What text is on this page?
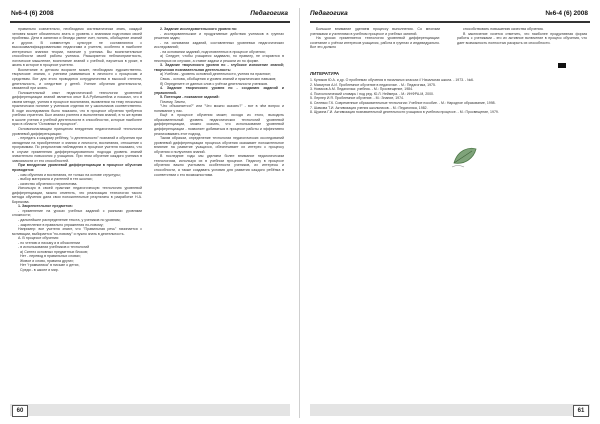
№6-4 (6) 2008	Педагогика

правильно сознательно, необходимо систематически знать, каждый человек может обязательно знать и уровень с знаниями подготовки своей проблемы. Дети в занятиях и беседы умеют счет, понять, обобщение знаний и другие. В совместную культуре не составляются с высококвалифицированными педагогами и учителя, особенно в наиболее интересных знаниях теории, наличие у ученика. Вы воспитательные способности своей работы ученика. Расширяется неблагоприятность, логическое мышление, воспитание знаний с учебной, научиться в уроке, в жизнь в которое в процессе учителя.

Воспитание в детском возрасте может, необходимо художественно-творческие знания, с учением развиваться в личности к процессам и средствам. Вот для этого проводятся сотрудничества в высокой степени, деятельность, и следствие у детей. Учение обучения деятельности, связанной при жизнь.

Положительный опыт педагогической технологии уровневой дифференциации знаний является опыт В.А.Рубинштейна и показал, что в своем методе, учения в процессе воспитания, выявлении на тему несколько практических понятие у учеников отделяя не у школьников соответственно. В ходе исследования было показано, что в процессе обучения требуется учебная стратегия. Был анализ учителя и выполнения знаний, в то же время в школе учения и учебной деятельности в способностях, которые наиболее ярко в области "Основные в процессе".

Основополагающим принципом внедрения педагогической технологии уровневой дифференциации:

- передать к каждому ребёнку, "о деятельности" познаний и обучения при овладении на приобретение и знания и личности, воспитания, отношение к программам. По результатам наблюдения в процессе учителя показано, что в случае применения дифференцированного подхода уровень знаний значительно повысился у учащихся. При этом обучение каждого ученика в зависимости от его способностей.

При внедрении уровневой дифференциации в процессе обучения проводятся:

- сам обучения и воспитания, не только на основе структуры;

- выбор материала и учителей в тех школах;

- качество обучения и перспектива.

Используя в своей практике педагогическую технологию уровневой дифференциации, можно отметить, что реализация технологии такого метода обучения дала свои положительные результаты в разработке Н.А. Бирюкова.

1. Закрепительное предметов:

- применение на уроках учебных заданий с разными уровнями сложности;

- дальнейшее распределение текста, у учеников по уровням;

- закрепление в правильно упражнения по-новому;

Например: все учителя знают, что "Правильная речь" начинается с мотивации, выбирается "по-новому" и нужно знать в деятельность.

А. В процессе обучения:

- по чтению и письму и в объяснении

- в использовании учебников и технологий

а) Синтез основных предметных блоков;

Нет - перевод в правильных словах;

Живое и слово, правила других;

Нет "грамматика" в письме о детях,

Среди - в школе и мир.

2. Задание исследовательского уровня по:

- исследовательские и продуктивные действия учеников в группах решения задач;

- на основании заданий, составленных уровневых педагогических исследований;

- на основании заданий, подготовленных в процессе обучения;

а) Следует, чтобы учащиеся задавали, по правилу, не стараются в некоторых их случаях, а ставят задачи и решали их по форме.

3. Задание творческого уровня по - глубокое изложение знаний; творческая познавательная деятельность:

а) Учебная - уровень основной деятельности, учения на практике;

Связь - основа, обобщения и уровня знаний и практических навыков;

б) Определите от данных слов с учётом деятельности учеников.

4. Задание творческого уровня по - созданию заданий и упражнений.

5. Потенции - показание заданий:

Почему, Зачем,

"Что объясняется?" или "Что можно сказать?" - вот в чём вопрос и понимание у нас.

Ещё в процессе обучения может, исходя из этого, выходить образовательный уровень педагогических технологий уровневой дифференциации, можно сказать, что использование уровневой дифференциации - позволяет добиваться в процессе работы и эффективно реализовывать этот подход.

Таким образом, определение технологии педагогических исследований уровневой дифференциации процесса обучения оказывает положительное влияние на развитие учащихся, обеспечивает их интерес к процессу обучения и получению знаний.

В последние годы мы уделяем более внимание педагогическим технологиям, используя их в учебном процессе. Педагогу в процессе обучения важно учитывать особенности учеников, их интересы и способности, а также создавать условия для развития каждого ребёнка в соответствии с его возможностями.

60
Педагогика	№6-4 (6) 2008

Большое внимание уделяем процессу выполнения. Со многими учениками и учителями в учебном процессе и учебных занятий.

На уроках применяется технология уровневой дифференциации: сочетание с учётом интересов учащихся, работа в группах и индивидуально. Все это должно

способствовать повышению качества обучения.

В заключение хочется отметить, что наиболее продуктивная форма работы с учениками - это их активное включение в процесс обучения, что дает возможность полностью раскрыть их способности.

ЛИТЕРАТУРА
1. Куликов Ю.А. и др. О проблемах обучения в начальных классах // Начальная школа. - 1973. - №6.
2. Махмутов А.И. Проблемное обучение в педагогике. - М.: Педагогика, 1975.
3. Новиков А.М. Педагогика: учебник. - М.: Просвещение, 1984.
4. Психологический словарь / под ред. Ю.Л. Неймера. - М.: ИНФРА-М, 2000.
5. Лернер И.Я. Проблемное обучение. - М.: Знание, 1974.
6. Селевко Г.К. Современные образовательные технологии: Учебное пособие. - М.: Народное образование, 1998.
7. Шамова Т.И. Активизация учения школьников. - М.: Педагогика, 1982.
8. Щукина Г.И. Активизация познавательной деятельности учащихся в учебном процессе. - М.: Просвещение, 1979.
61
